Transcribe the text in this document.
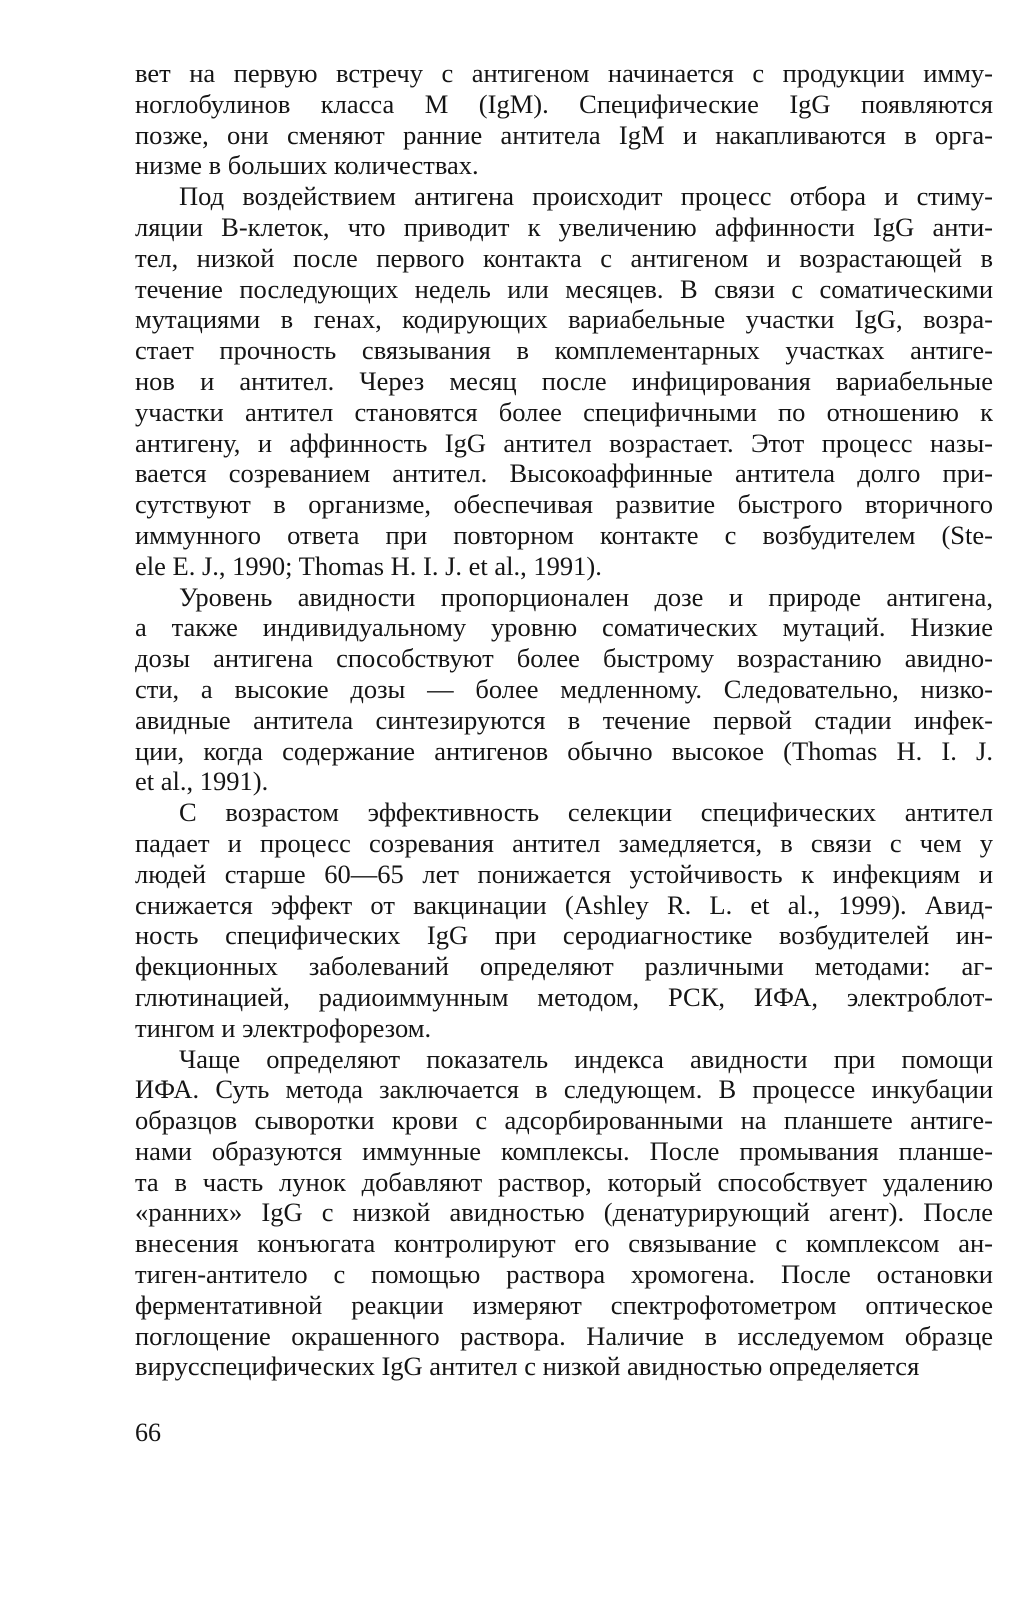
вет на первую встречу с антигеном начинается с продукции имму-
ноглобулинов класса М (IgM). Специфические IgG появляются
позже, они сменяют ранние антитела IgM и накапливаются в орга-
низме в больших количествах.
Под воздействием антигена происходит процесс отбора и стиму-
ляции В-клеток, что приводит к увеличению аффинности IgG анти-
тел, низкой после первого контакта с антигеном и возрастающей в
течение последующих недель или месяцев. В связи с соматическими
мутациями в генах, кодирующих вариабельные участки IgG, возра-
стает прочность связывания в комплементарных участках антиге-
нов и антител. Через месяц после инфицирования вариабельные
участки антител становятся более специфичными по отношению к
антигену, и аффинность IgG антител возрастает. Этот процесс назы-
вается созреванием антител. Высокоаффинные антитела долго при-
сутствуют в организме, обеспечивая развитие быстрого вторичного
иммунного ответа при повторном контакте с возбудителем (Ste-
ele E. J., 1990; Thomas H. I. J. et al., 1991).
Уровень авидности пропорционален дозе и природе антигена,
а также индивидуальному уровню соматических мутаций. Низкие
дозы антигена способствуют более быстрому возрастанию авидно-
сти, а высокие дозы — более медленному. Следовательно, низко-
авидные антитела синтезируются в течение первой стадии инфек-
ции, когда содержание антигенов обычно высокое (Thomas H. I. J.
et al., 1991).
С возрастом эффективность селекции специфических антител
падает и процесс созревания антител замедляется, в связи с чем у
людей старше 60—65 лет понижается устойчивость к инфекциям и
снижается эффект от вакцинации (Ashley R. L. et al., 1999). Авид-
ность специфических IgG при серодиагностике возбудителей ин-
фекционных заболеваний определяют различными методами: аг-
глютинацией, радиоиммунным методом, РСК, ИФА, электроблот-
тингом и электрофорезом.
Чаще определяют показатель индекса авидности при помощи
ИФА. Суть метода заключается в следующем. В процессе инкубации
образцов сыворотки крови с адсорбированными на планшете антиге-
нами образуются иммунные комплексы. После промывания планше-
та в часть лунок добавляют раствор, который способствует удалению
«ранних» IgG с низкой авидностью (денатурирующий агент). После
внесения конъюгата контролируют его связывание с комплексом ан-
тиген-антитело с помощью раствора хромогена. После остановки
ферментативной реакции измеряют спектрофотометром оптическое
поглощение окрашенного раствора. Наличие в исследуемом образце
вирусспецифических IgG антител с низкой авидностью определяется
66
